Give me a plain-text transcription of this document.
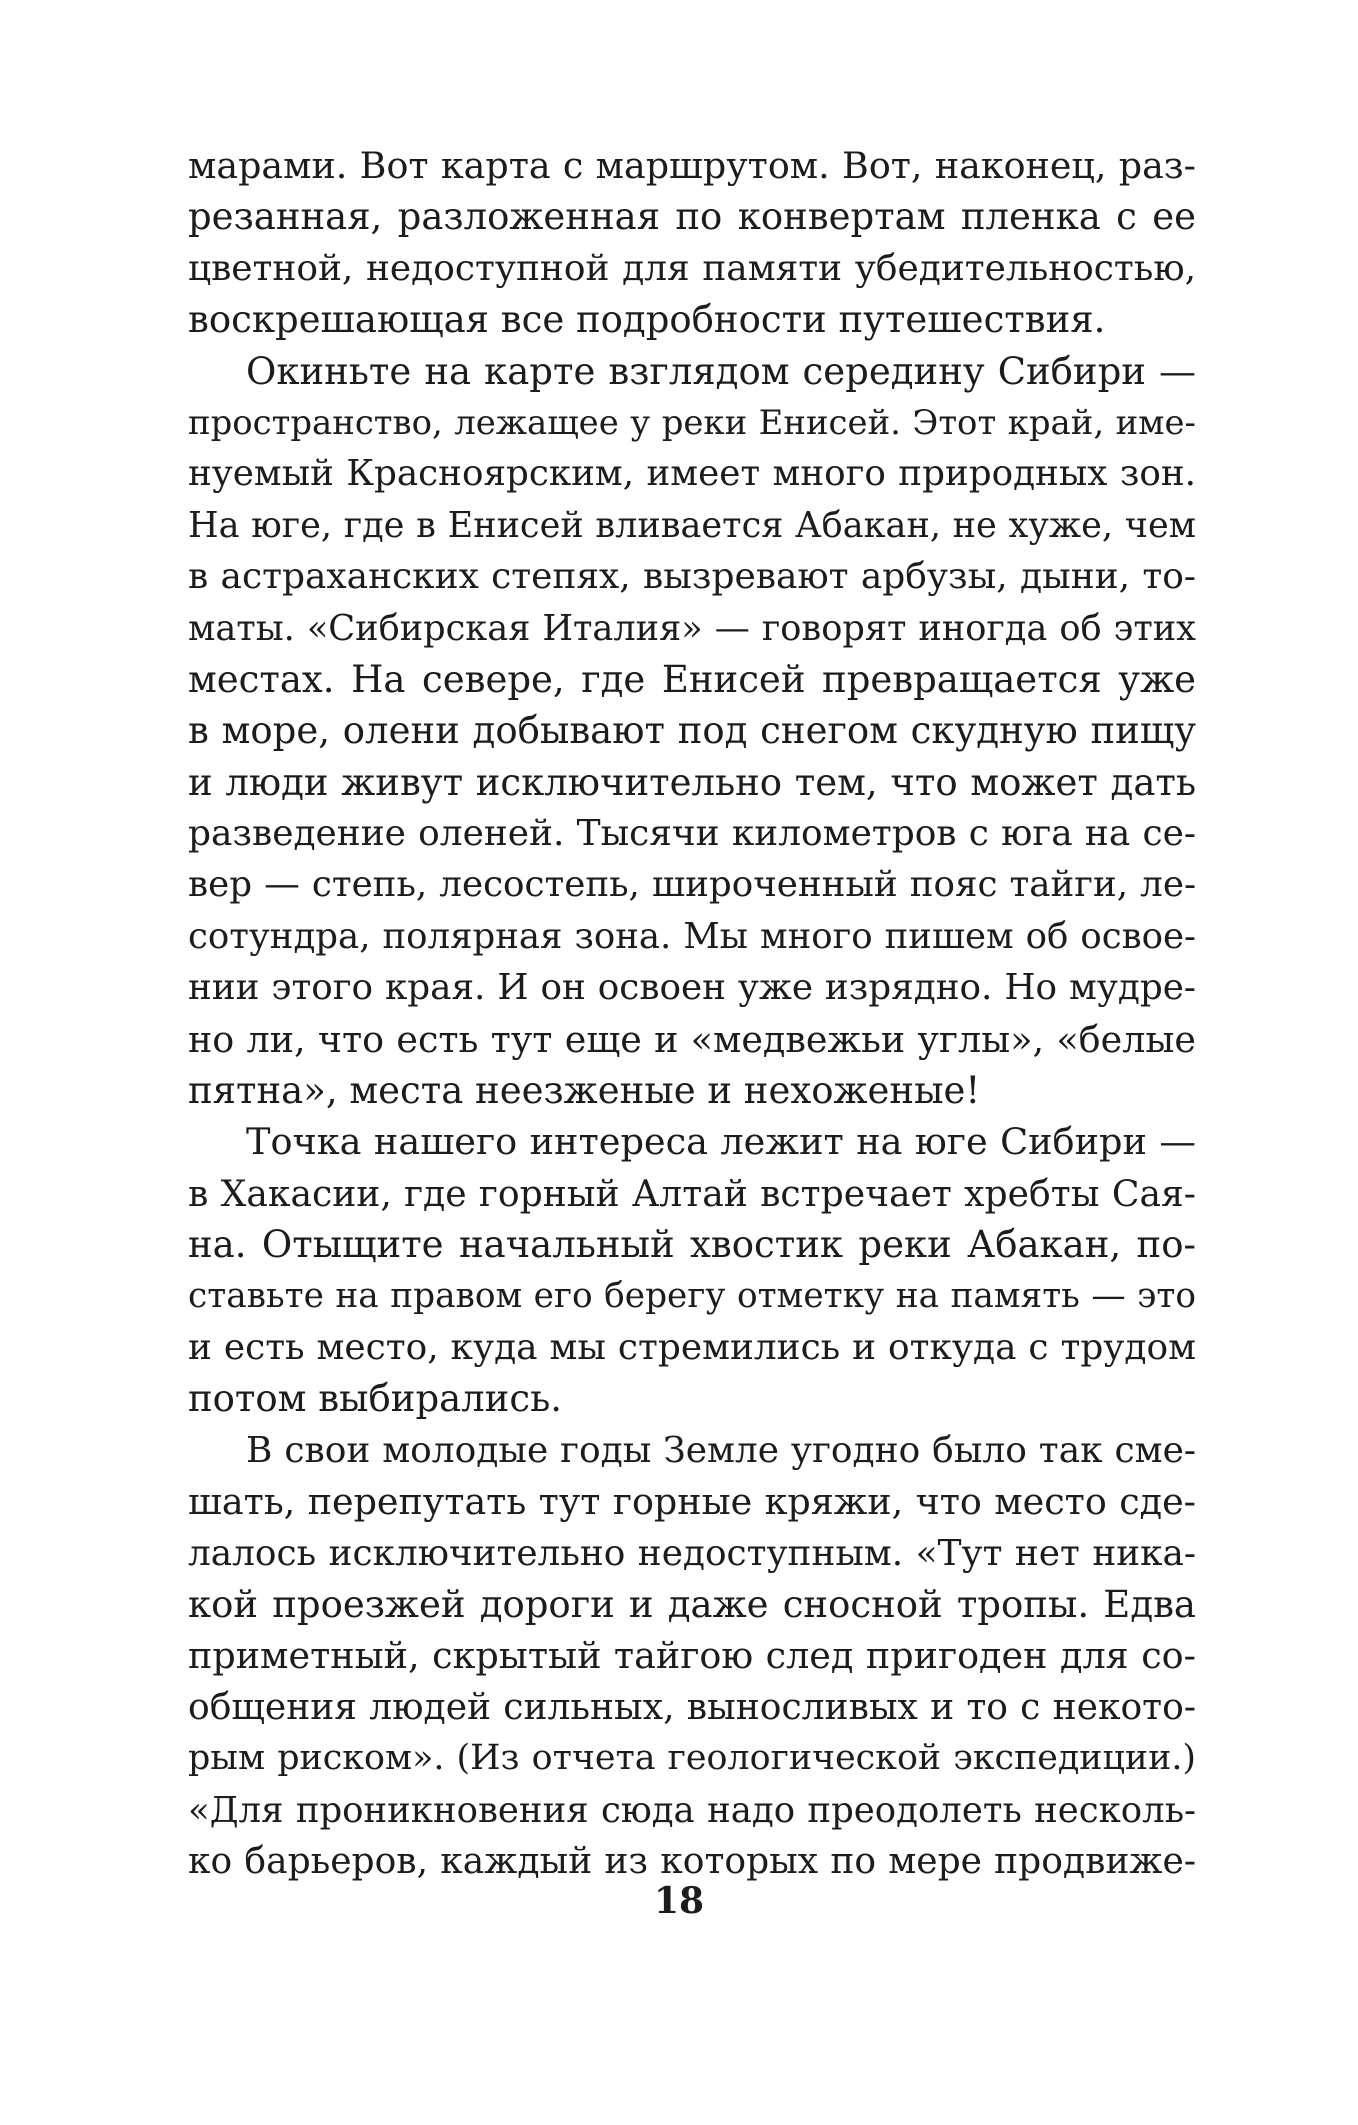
марами. Вот карта с маршрутом. Вот, наконец, раз-
резанная, разложенная по конвертам пленка с ее
цветной, недоступной для памяти убедительностью,
воскрешающая все подробности путешествия.
Окиньте на карте взглядом середину Сибири —
пространство, лежащее у реки Енисей. Этот край, име-
нуемый Красноярским, имеет много природных зон.
На юге, где в Енисей вливается Абакан, не хуже, чем
в астраханских степях, вызревают арбузы, дыни, то-
маты. «Сибирская Италия» — говорят иногда об этих
местах. На севере, где Енисей превращается уже
в море, олени добывают под снегом скудную пищу
и люди живут исключительно тем, что может дать
разведение оленей. Тысячи километров с юга на се-
вер — степь, лесостепь, широченный пояс тайги, ле-
сотундра, полярная зона. Мы много пишем об освое-
нии этого края. И он освоен уже изрядно. Но мудре-
но ли, что есть тут еще и «медвежьи углы», «белые
пятна», места неезженые и нехоженые!
Точка нашего интереса лежит на юге Сибири —
в Хакасии, где горный Алтай встречает хребты Сая-
на. Отыщите начальный хвостик реки Абакан, по-
ставьте на правом его берегу отметку на память — это
и есть место, куда мы стремились и откуда с трудом
потом выбирались.
В свои молодые годы Земле угодно было так сме-
шать, перепутать тут горные кряжи, что место сде-
лалось исключительно недоступным. «Тут нет ника-
кой проезжей дороги и даже сносной тропы. Едва
приметный, скрытый тайгою след пригоден для со-
общения людей сильных, выносливых и то с некото-
рым риском». (Из отчета геологической экспедиции.)
«Для проникновения сюда надо преодолеть несколь-
ко барьеров, каждый из которых по мере продвиже-
18
